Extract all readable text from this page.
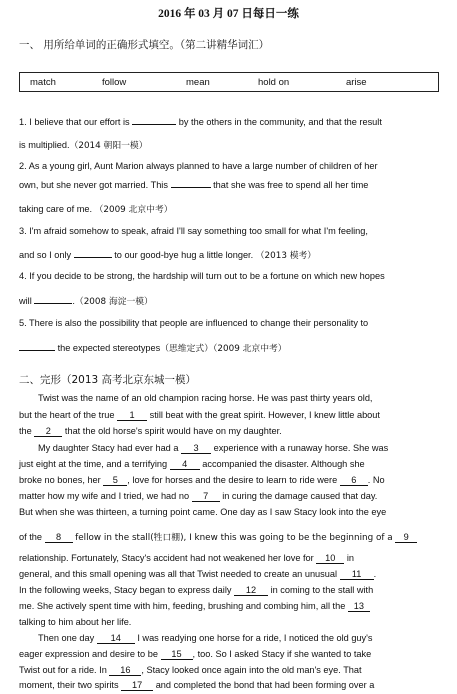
2016 年 03 月 07 日每日一练
一、 用所给单词的正确形式填空。（第二讲精华词汇）
match	follow	mean	hold on	arise
1. I believe that our effort is	by the others in the community, and that the result
is multiplied.（2014 朝阳一模）
2. As a young girl, Aunt Marion always planned to have a large number of children of her
own, but she never got married. This	that she was free to spend all her time
taking care of me. （2009 北京中考）
3. I'm afraid somehow to speak, afraid I'll say something too small for what I'm feeling,
and so I only	to our good-bye hug a little longer. （2013 模考）
4. If you decide to be strong, the hardship will turn out to be a fortune on which new hopes
will	.（2008 海淀一模）
5. There is also the possibility that people are influenced to change their personality to
the expected stereotypes（思维定式）（2009 北京中考）
二、完形（2013 高考北京东城一模）
Twist was the name of an old champion racing horse. He was past thirty years old,
but the heart of the true 1 still beat with the great spirit. However, I knew little about
the 2 that the old horse's spirit would have on my daughter.
My daughter Stacy had ever had a 3 experience with a runaway horse. She was
just eight at the time, and a terrifying 4 accompanied the disaster. Although she
broke no bones, her 5 , love for horses and the desire to learn to ride were 6 . No
matter how my wife and I tried, we had no 7 in curing the damage caused that day.
But when she was thirteen, a turning point came. One day as I saw Stacy look into the eye
of the 8 fellow in the stall(牲口棚), I knew this was going to be the beginning of a 9
relationship. Fortunately, Stacy's accident had not weakened her love for 10 in
general, and this small opening was all that Twist needed to create an unusual 11 .
In the following weeks, Stacy began to express daily 12 in coming to the stall with
me. She actively spent time with him, feeding, brushing and combing him, all the 13
talking to him about her life.
Then one day 14 I was readying one horse for a ride, I noticed the old guy's
eager expression and desire to be 15 , too. So I asked Stacy if she wanted to take
Twist out for a ride. In 16 , Stacy looked once again into the old man's eye. That
moment, their two spirits 17 and completed the bond that had been forming over a
